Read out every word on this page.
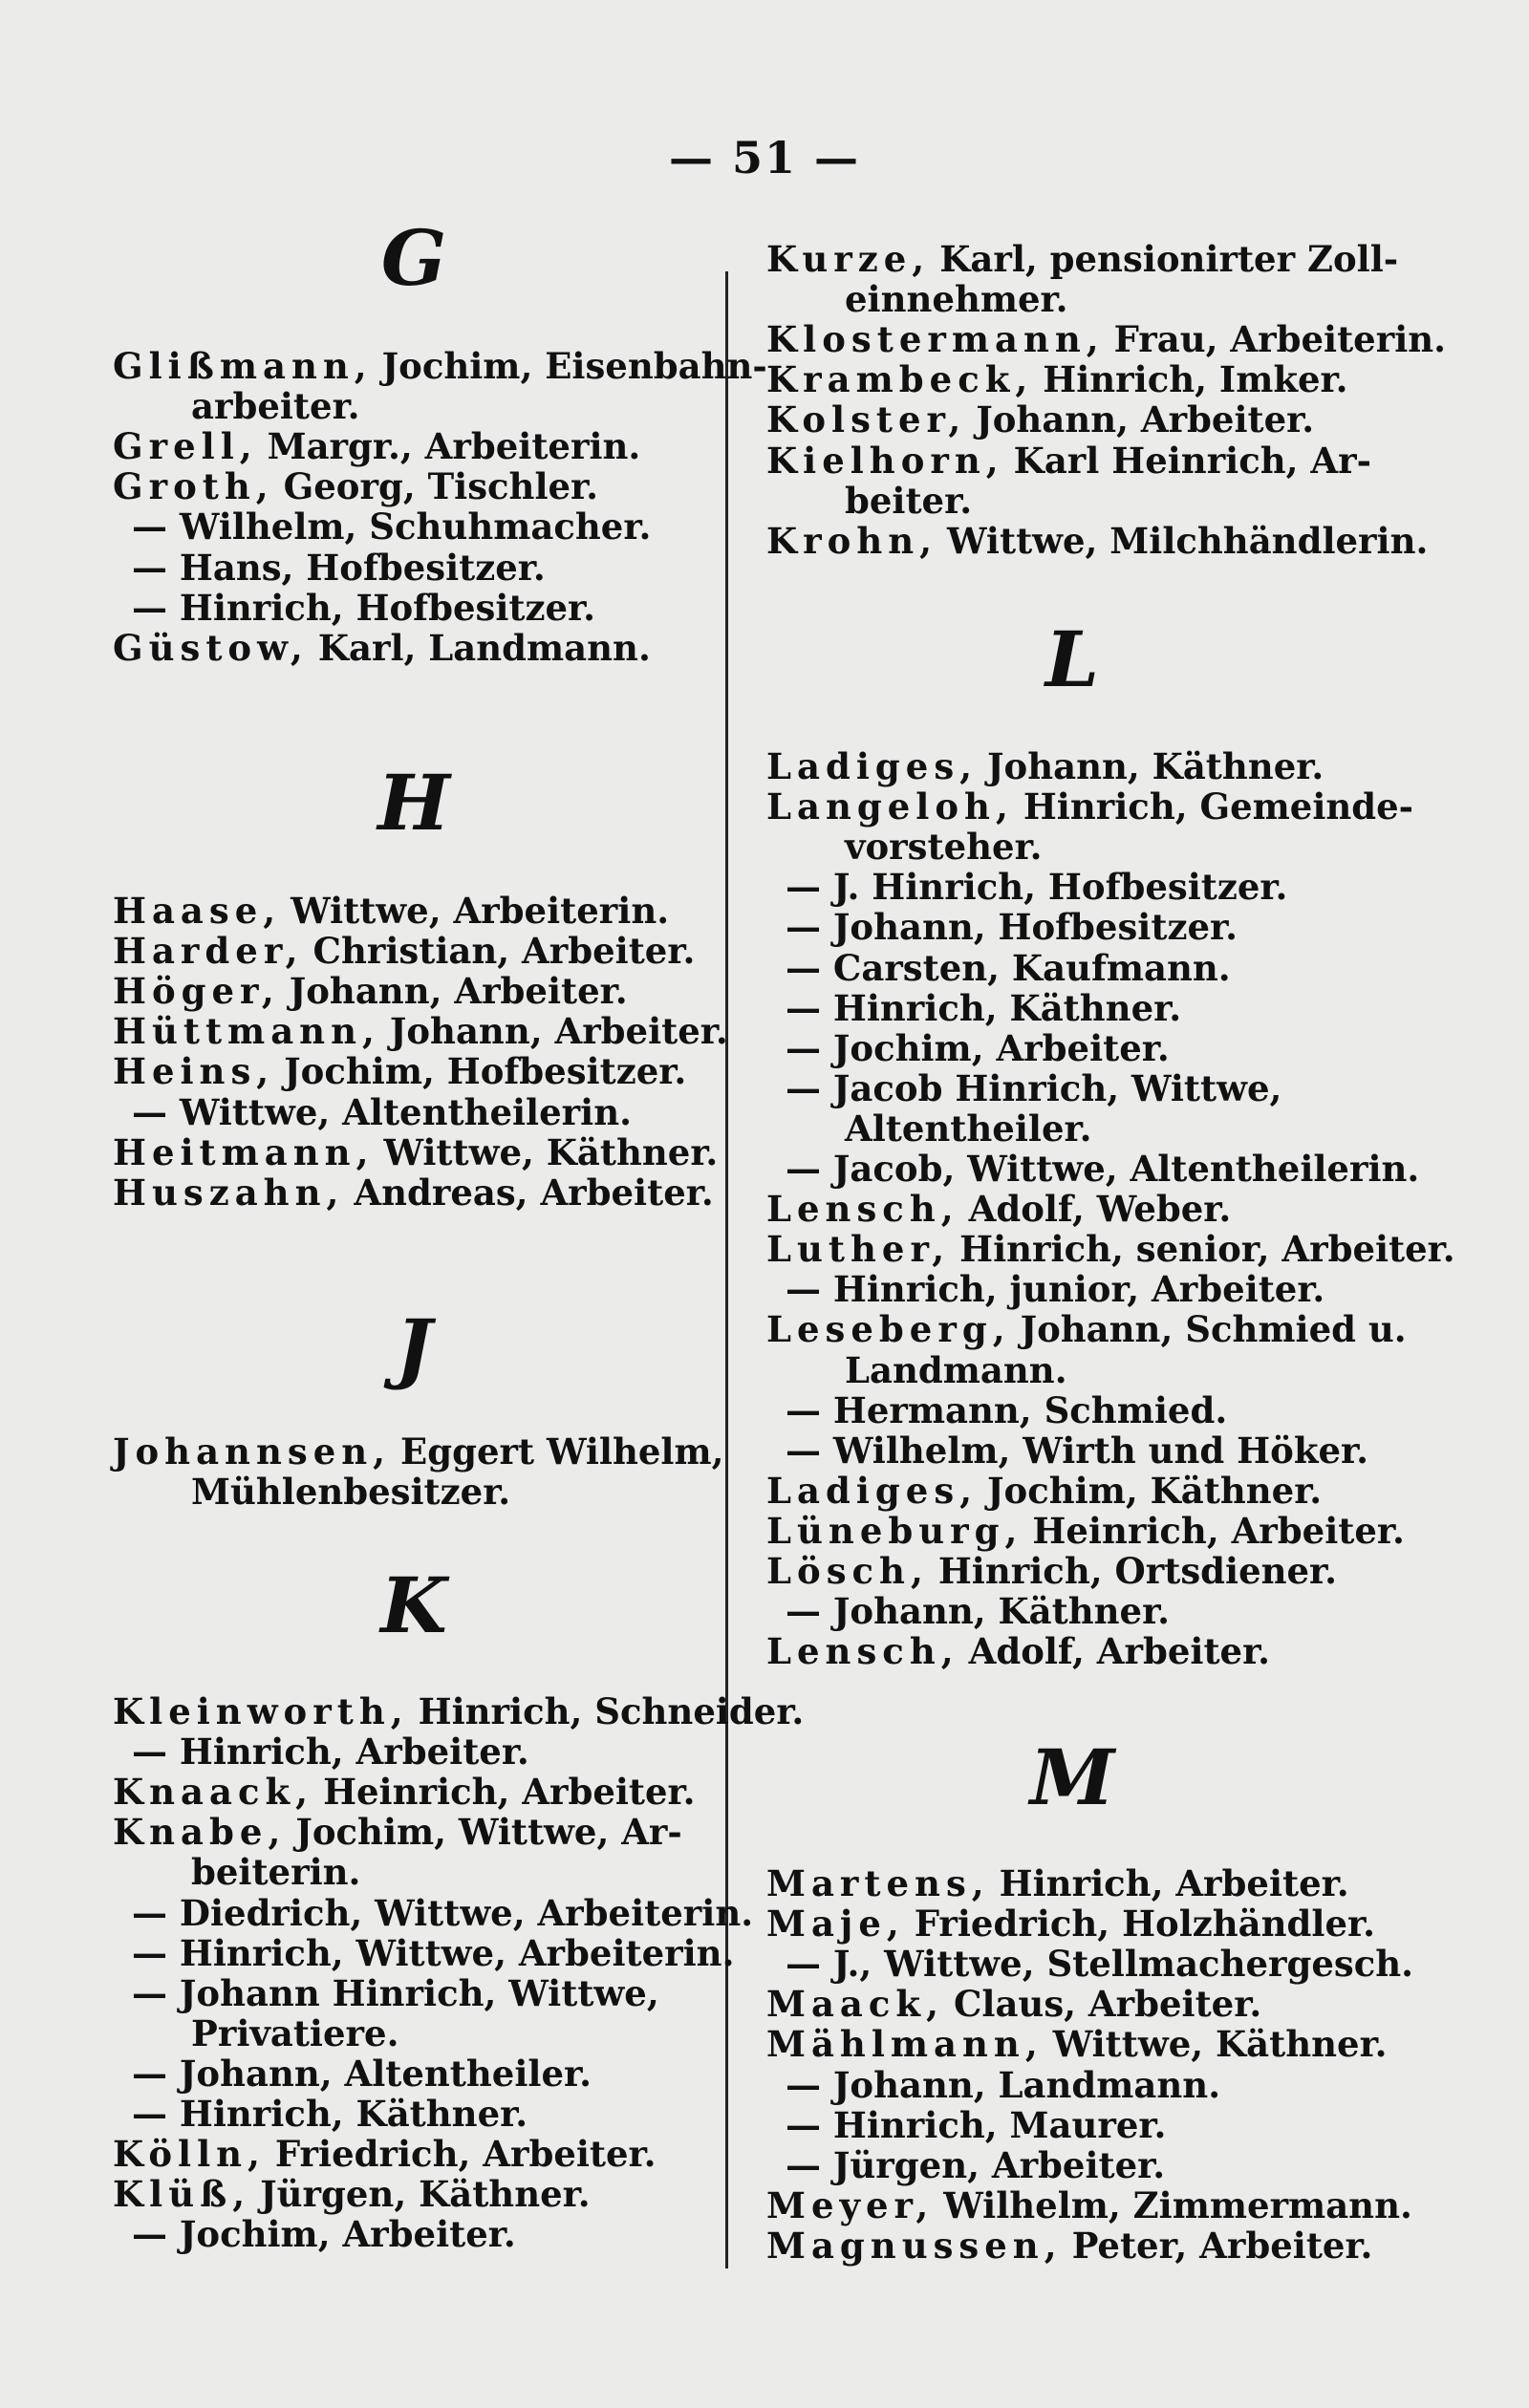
— 51 —
G
Glißmann, Jochim, Eisenbahn-
arbeiter.
Grell, Margr., Arbeiterin.
Groth, Georg, Tischler.
— Wilhelm, Schuhmacher.
— Hans, Hofbesitzer.
— Hinrich, Hofbesitzer.
Güstow, Karl, Landmann.
H
Haase, Wittwe, Arbeiterin.
Harder, Christian, Arbeiter.
Höger, Johann, Arbeiter.
Hüttmann, Johann, Arbeiter.
Heins, Jochim, Hofbesitzer.
— Wittwe, Altentheilerin.
Heitmann, Wittwe, Käthner.
Huszahn, Andreas, Arbeiter.
J
Johannsen, Eggert Wilhelm,
Mühlenbesitzer.
K
Kleinworth, Hinrich, Schneider.
— Hinrich, Arbeiter.
Knaack, Heinrich, Arbeiter.
Knabe, Jochim, Wittwe, Ar-
beiterin.
— Diedrich, Wittwe, Arbeiterin.
— Hinrich, Wittwe, Arbeiterin.
— Johann Hinrich, Wittwe,
Privatiere.
— Johann, Altentheiler.
— Hinrich, Käthner.
Kölln, Friedrich, Arbeiter.
Klüß, Jürgen, Käthner.
— Jochim, Arbeiter.
Kurze, Karl, pensionirter Zoll-
einnehmer.
Klostermann, Frau, Arbeiterin.
Krambeck, Hinrich, Imker.
Kolster, Johann, Arbeiter.
Kielhorn, Karl Heinrich, Ar-
beiter.
Krohn, Wittwe, Milchhändlerin.
L
Ladiges, Johann, Käthner.
Langeloh, Hinrich, Gemeinde-
vorsteher.
— J. Hinrich, Hofbesitzer.
— Johann, Hofbesitzer.
— Carsten, Kaufmann.
— Hinrich, Käthner.
— Jochim, Arbeiter.
— Jacob Hinrich, Wittwe,
Altentheiler.
— Jacob, Wittwe, Altentheilerin.
Lensch, Adolf, Weber.
Luther, Hinrich, senior, Arbeiter.
— Hinrich, junior, Arbeiter.
Leseberg, Johann, Schmied u.
Landmann.
— Hermann, Schmied.
— Wilhelm, Wirth und Höker.
Ladiges, Jochim, Käthner.
Lüneburg, Heinrich, Arbeiter.
Lösch, Hinrich, Ortsdiener.
— Johann, Käthner.
Lensch, Adolf, Arbeiter.
M
Martens, Hinrich, Arbeiter.
Maje, Friedrich, Holzhändler.
— J., Wittwe, Stellmachergesch.
Maack, Claus, Arbeiter.
Mählmann, Wittwe, Käthner.
— Johann, Landmann.
— Hinrich, Maurer.
— Jürgen, Arbeiter.
Meyer, Wilhelm, Zimmermann.
Magnussen, Peter, Arbeiter.
